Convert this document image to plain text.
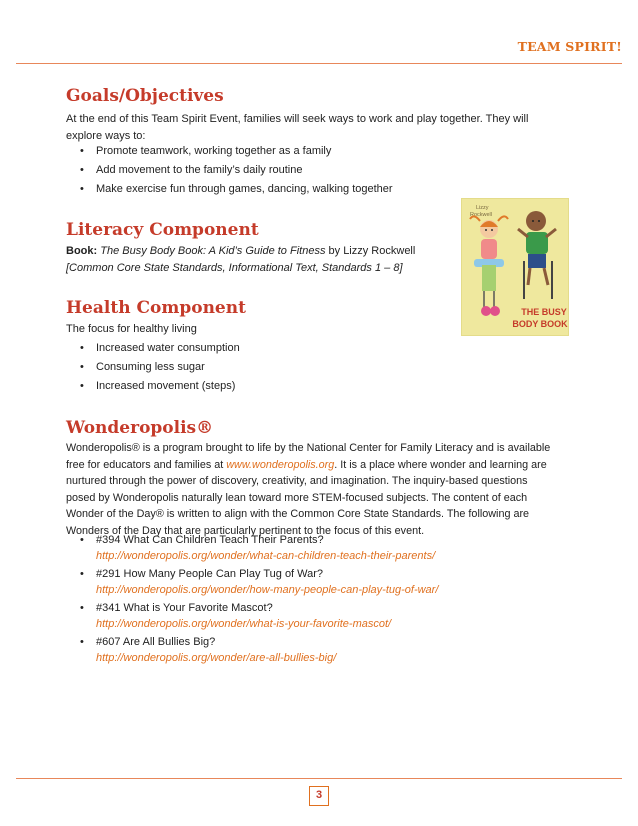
TEAM SPIRIT!
Goals/Objectives

At the end of this Team Spirit Event, families will seek ways to work and play together. They will explore ways to:

• Promote teamwork, working together as a family
• Add movement to the family’s daily routine
• Make exercise fun through games, dancing, walking together
Literacy Component

Book: The Busy Body Book: A Kid’s Guide to Fitness by Lizzy Rockwell

[Common Core State Standards, Informational Text, Standards 1 – 8]

Lizzy
Rockwell
THE BUSY
BODY BOOK
Health Component

The focus for healthy living

• Increased water consumption
• Consuming less sugar
• Increased movement (steps)
Wonderopolis®

Wonderopolis® is a program brought to life by the National Center for Family Literacy and is available free for educators and families at www.wonderopolis.org. It is a place where wonder and learning are nurtured through the power of discovery, creativity, and imagination. The inquiry-based questions posed by Wonderopolis naturally lean toward more STEM-focused subjects. The content of each Wonder of the Day® is written to align with the Common Core State Standards. The following are Wonders of the Day that are particularly pertinent to the focus of this event.

• #394 What Can Children Teach Their Parents?
http://wonderopolis.org/wonder/what-can-children-teach-their-parents/
• #291 How Many People Can Play Tug of War?
http://wonderopolis.org/wonder/how-many-people-can-play-tug-of-war/
• #341 What is Your Favorite Mascot?
http://wonderopolis.org/wonder/what-is-your-favorite-mascot/
• #607 Are All Bullies Big?
http://wonderopolis.org/wonder/are-all-bullies-big/
3
